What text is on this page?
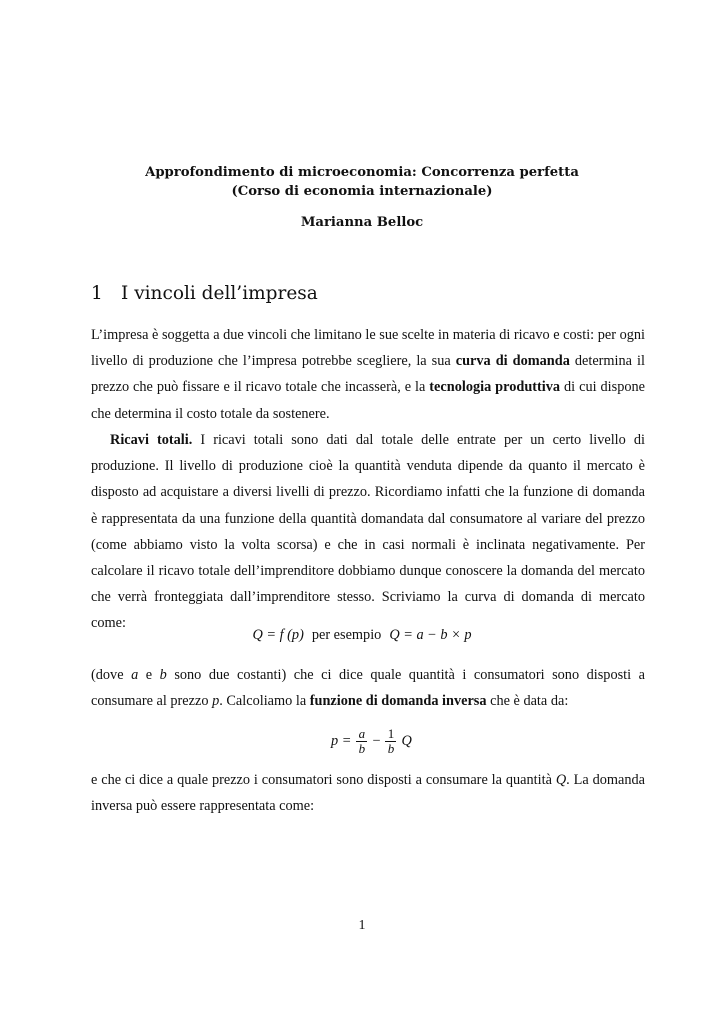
Approfondimento di microeconomia: Concorrenza perfetta

(Corso di economia internazionale)

Marianna Belloc

1 I vincoli dell’impresa

L’impresa è soggetta a due vincoli che limitano le sue scelte in materia di ricavo e costi: per ogni livello di produzione che l’impresa potrebbe scegliere, la sua curva di domanda determina il prezzo che può fissare e il ricavo totale che incasserà, e la tecnologia produttiva di cui dispone che determina il costo totale da sostenere.

Ricavi totali. I ricavi totali sono dati dal totale delle entrate per un certo livello di produzione. Il livello di produzione cioè la quantità venduta dipende da quanto il mercato è disposto ad acquistare a diversi livelli di prezzo. Ricordiamo infatti che la funzione di domanda è rappresentata da una funzione della quantità domandata dal consumatore al variare del prezzo (come abbiamo visto la volta scorsa) e che in casi normali è inclinata negativamente. Per calcolare il ricavo totale dell’imprenditore dobbiamo dunque conoscere la domanda del mercato che verrà fronteggiata dall’imprenditore stesso. Scriviamo la curva di domanda di mercato come:

Q = f (p) per esempio Q = a − b × p

(dove a e b sono due costanti) che ci dice quale quantità i consumatori sono disposti a consumare al prezzo p. Calcoliamo la funzione di domanda inversa che è data da:

$p = \frac{a}{b} - \frac{1}{b}$ Q

e che ci dice a quale prezzo i consumatori sono disposti a consumare la quantità Q. La domanda inversa può essere rappresentata come:

1
